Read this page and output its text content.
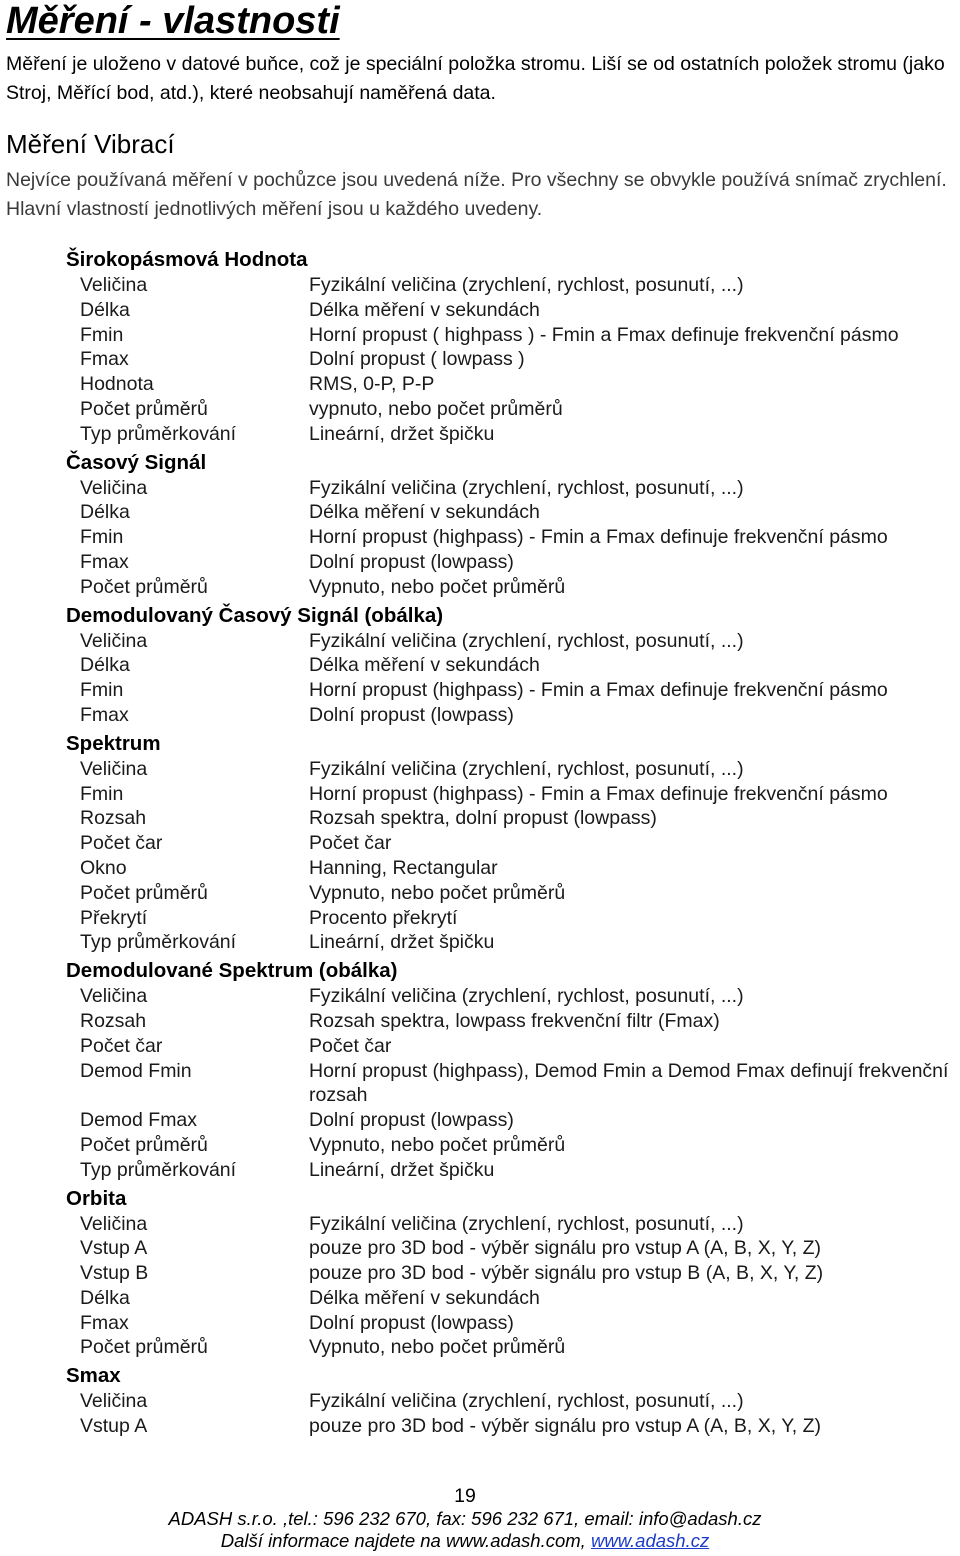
Měření - vlastnosti

Měření je uloženo v datové buňce, což je speciální položka stromu. Liší se od ostatních položek stromu (jako Stroj, Měřící bod, atd.), které neobsahují naměřená data.

Měření Vibrací

Nejvíce používaná měření v pochůzce jsou uvedená níže. Pro všechny se obvykle používá snímač zrychlení. Hlavní vlastností jednotlivých měření jsou u každého uvedeny.

Širokopásmová Hodnota
Veličina	Fyzikální veličina (zrychlení, rychlost, posunutí, ...)
Délka	Délka měření v sekundách
Fmin	Horní propust ( highpass ) - Fmin a Fmax definuje frekvenční pásmo
Fmax	Dolní propust ( lowpass )
Hodnota	RMS, 0-P, P-P
Počet průměrů	vypnuto, nebo počet průměrů
Typ průměrkování	Lineární, držet špičku
Časový Signál
Veličina	Fyzikální veličina (zrychlení, rychlost, posunutí, ...)
Délka	Délka měření v sekundách
Fmin	Horní propust (highpass) - Fmin a Fmax definuje frekvenční pásmo
Fmax	Dolní propust (lowpass)
Počet průměrů	Vypnuto, nebo počet průměrů
Demodulovaný Časový Signál (obálka)
Veličina	Fyzikální veličina (zrychlení, rychlost, posunutí, ...)
Délka	Délka měření v sekundách
Fmin	Horní propust (highpass) - Fmin a Fmax definuje frekvenční pásmo
Fmax	Dolní propust (lowpass)
Spektrum
Veličina	Fyzikální veličina (zrychlení, rychlost, posunutí, ...)
Fmin	Horní propust (highpass) - Fmin a Fmax definuje frekvenční pásmo
Rozsah	Rozsah spektra, dolní propust (lowpass)
Počet čar	Počet čar
Okno	Hanning, Rectangular
Počet průměrů	Vypnuto, nebo počet průměrů
Překrytí	Procento překrytí
Typ průměrkování	Lineární, držet špičku
Demodulované Spektrum (obálka)
Veličina	Fyzikální veličina (zrychlení, rychlost, posunutí, ...)
Rozsah	Rozsah spektra, lowpass frekvenční filtr (Fmax)
Počet čar	Počet čar
Demod Fmin	Horní propust (highpass), Demod Fmin a Demod Fmax definují frekvenční rozsah
Demod Fmax	Dolní propust (lowpass)
Počet průměrů	Vypnuto, nebo počet průměrů
Typ průměrkování	Lineární, držet špičku
Orbita
Veličina	Fyzikální veličina (zrychlení, rychlost, posunutí, ...)
Vstup A	pouze pro 3D bod - výběr signálu pro vstup A (A, B, X, Y, Z)
Vstup B	pouze pro 3D bod - výběr signálu pro vstup B (A, B, X, Y, Z)
Délka	Délka měření v sekundách
Fmax	Dolní propust (lowpass)
Počet průměrů	Vypnuto, nebo počet průměrů
Smax
Veličina	Fyzikální veličina (zrychlení, rychlost, posunutí, ...)
Vstup A	pouze pro 3D bod - výběr signálu pro vstup A (A, B, X, Y, Z)
19
ADASH s.r.o. ,tel.: 596 232 670, fax: 596 232 671, email: info@adash.cz
Další informace najdete na www.adash.com, www.adash.cz
